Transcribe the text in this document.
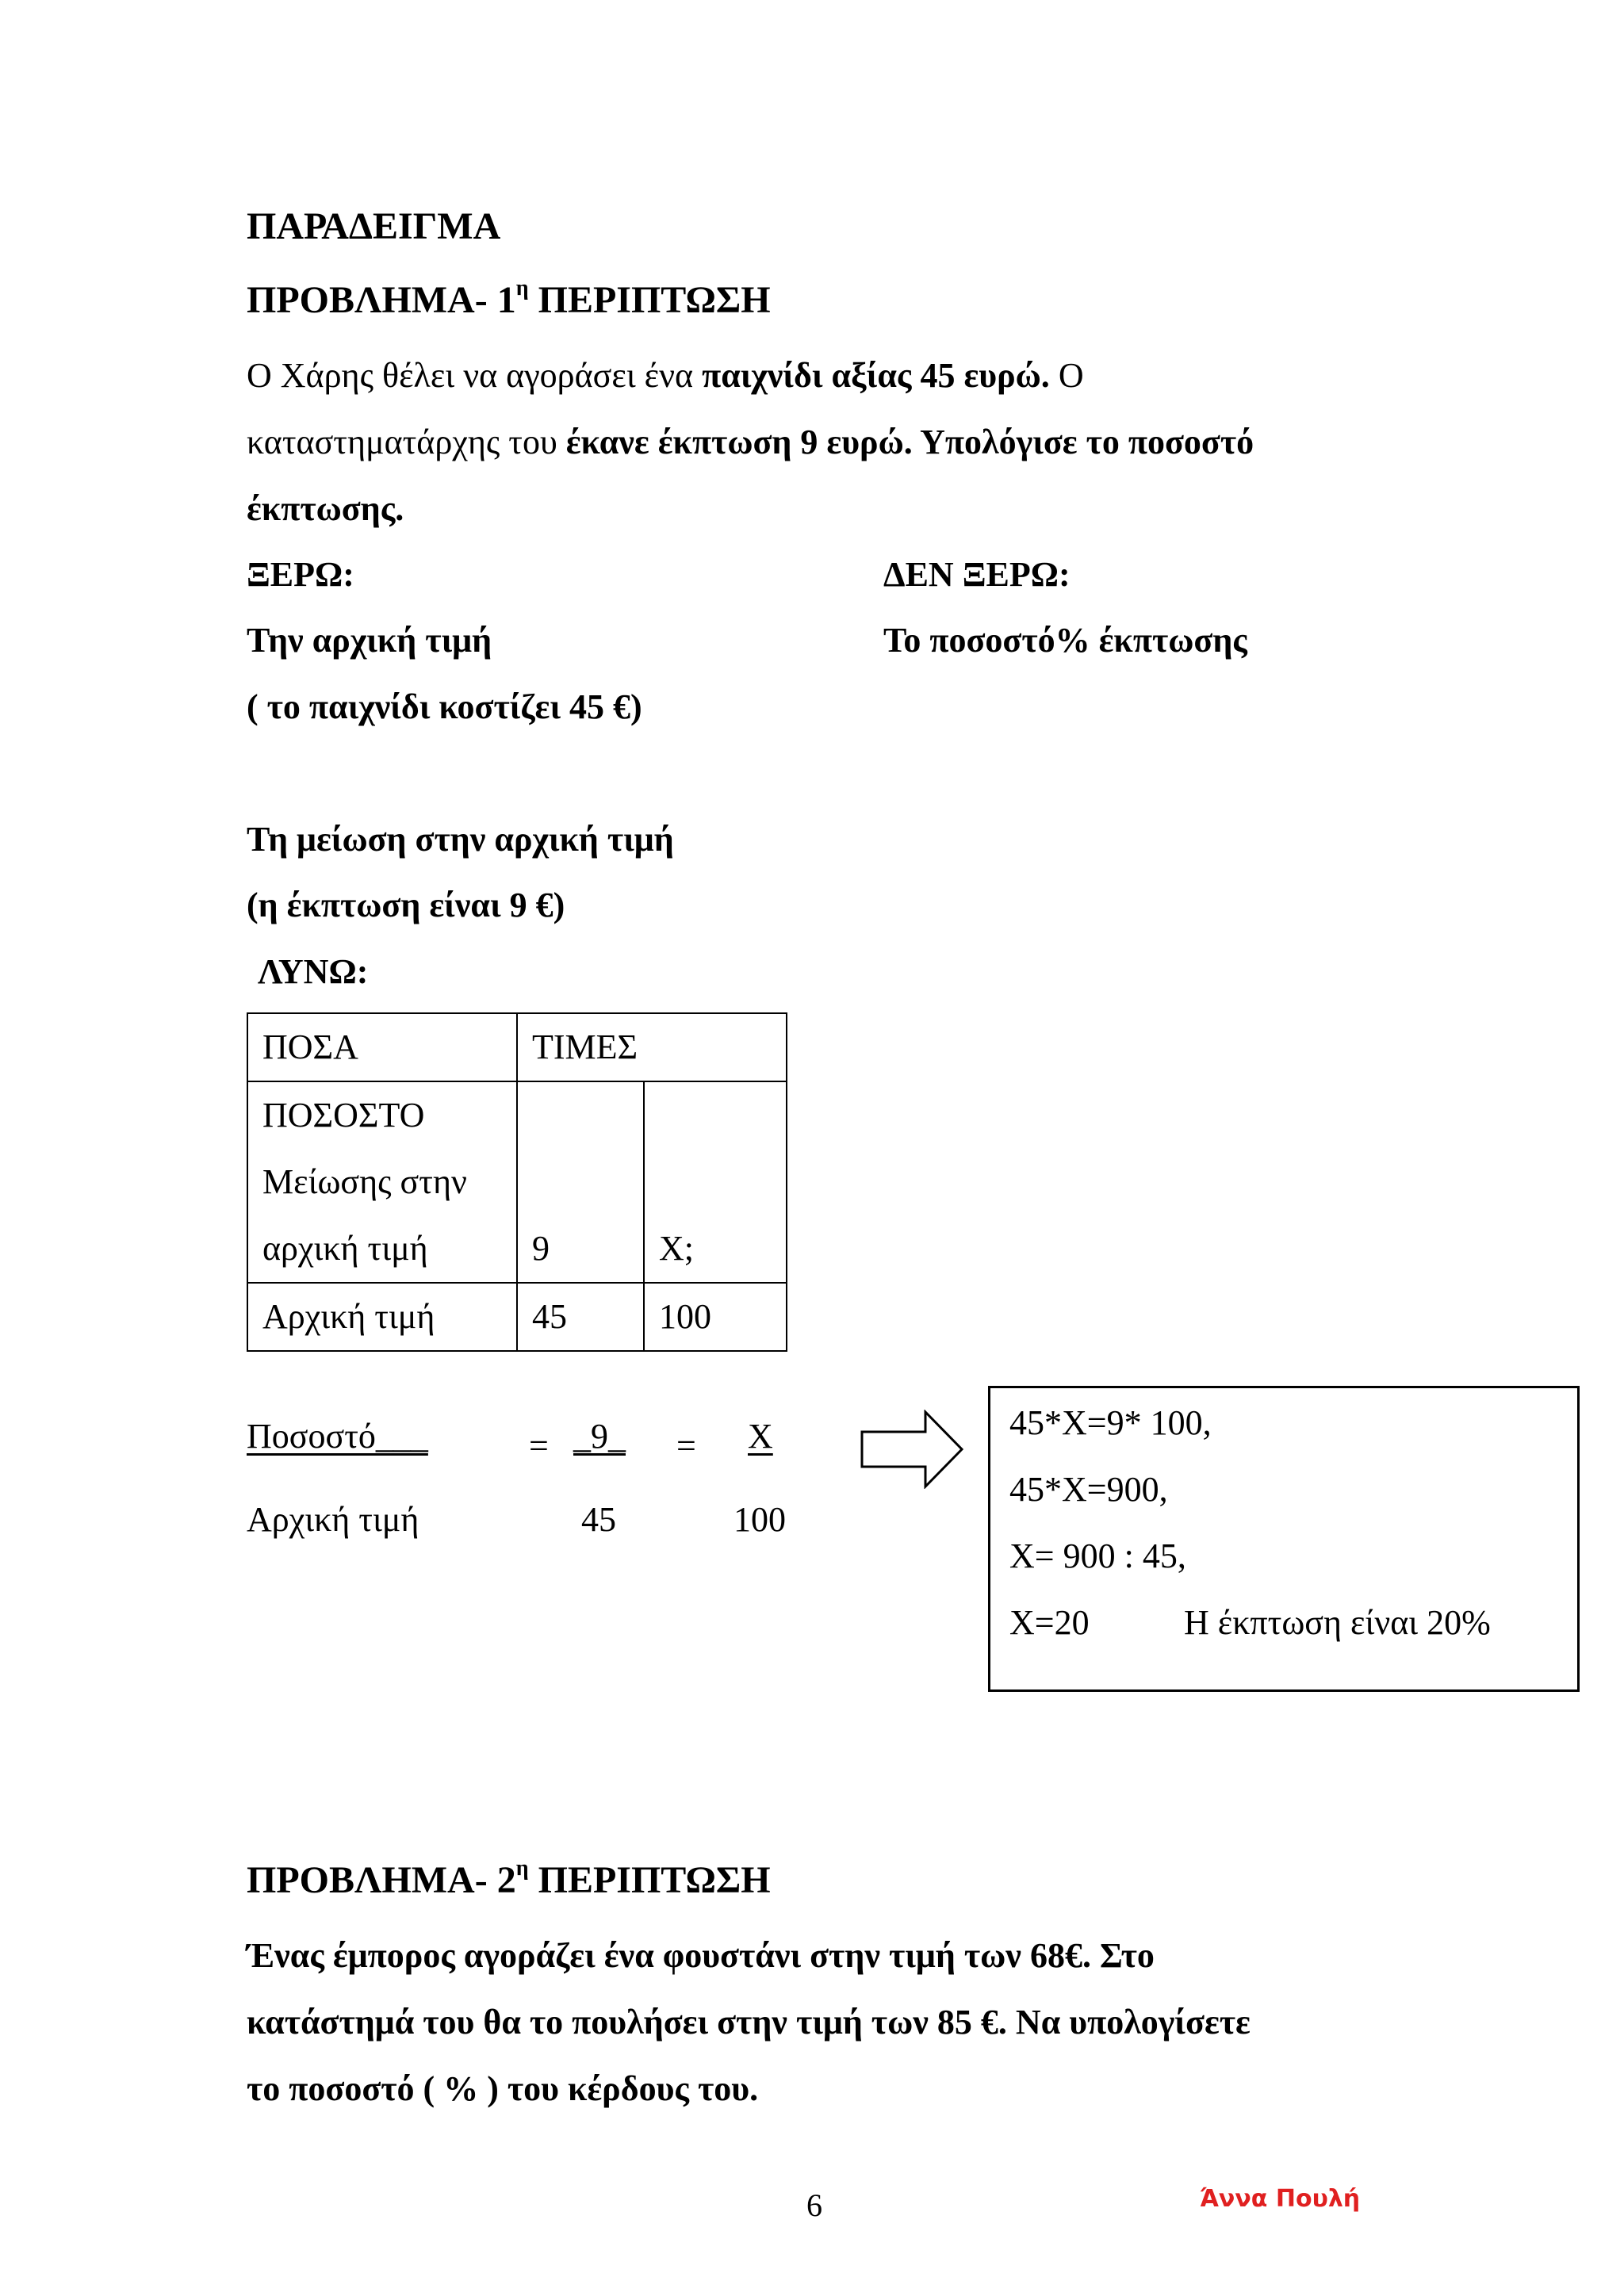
ΠΑΡΑΔΕΙΓΜΑ
ΠΡΟΒΛΗΜΑ- $1^\eta$ ΠΕΡΙΠΤΩΣΗ
Ο Χάρης θέλει να αγοράσει ένα παιχνίδι αξίας 45 ευρώ. Ο
καταστηματάρχης του έκανε έκπτωση 9 ευρώ. Υπολόγισε το ποσοστό
έκπτωσης.
ΞΕΡΩ:	ΔΕΝ ΞΕΡΩ:
Την αρχική τιμή	Το ποσοστό% έκπτωσης
( το παιχνίδι κοστίζει 45 €)
Τη μείωση στην αρχική τιμή
(η έκπτωση είναι 9 €)
ΛΥΝΩ:
ΠΟΣΑ	ΤΙΜΕΣ	

ΠΟΣΟΣΤΟ
Μείωσης στην
αρχική τιμή	9	Χ;
Αρχική τιμή	45	100
Ποσοστό___
Αρχική τιμή
= _9_
45
= Χ
100
45*Χ=9* 100,
45*Χ=900,
Χ= 900 : 45,
Χ=20	Η έκπτωση είναι 20%
ΠΡΟΒΛΗΜΑ- $2^\eta$ ΠΕΡΙΠΤΩΣΗ
Ένας έμπορος αγοράζει ένα φουστάνι στην τιμή των 68€. Στο
κατάστημά του θα το πουλήσει στην τιμή των 85 €. Να υπολογίσετε
το ποσοστό ( % ) του κέρδους του.
6	Άννα Πουλή
